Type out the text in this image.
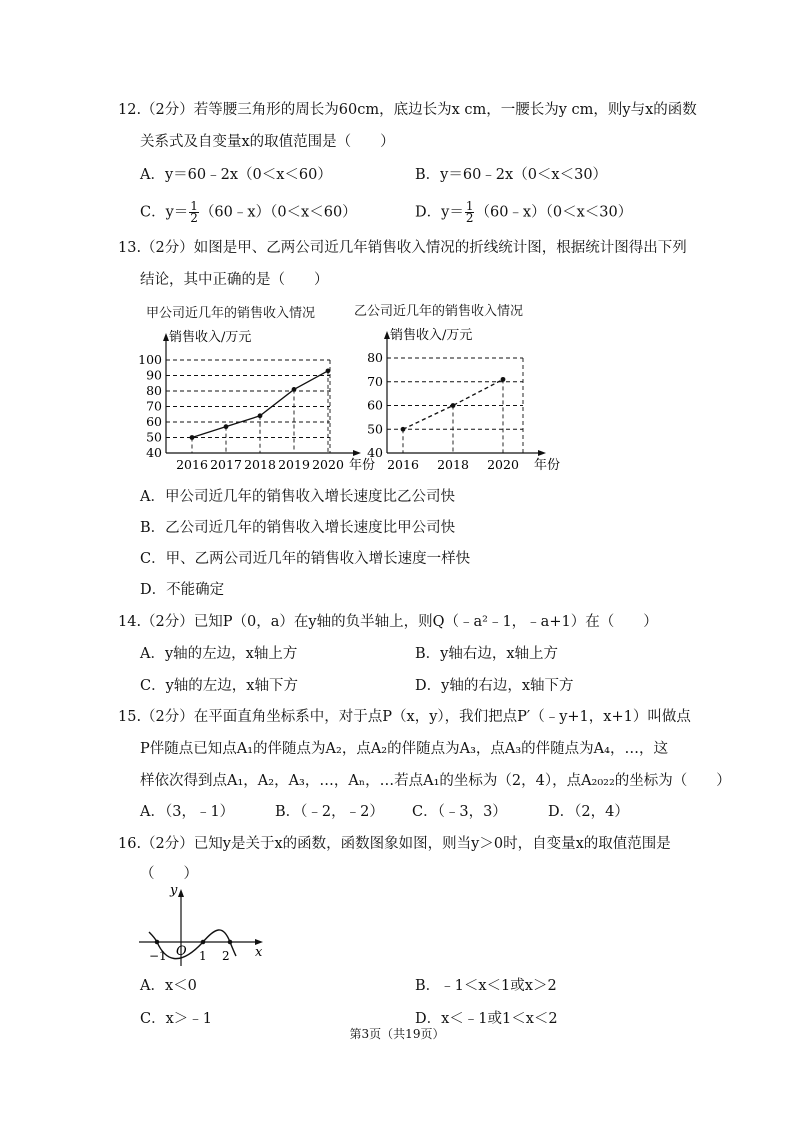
12.（2分）若等腰三角形的周长为60cm，底边长为x cm，一腰长为y cm，则y与x的函数
关系式及自变量x的取值范围是（　　）
A．y＝60﹣2x（0＜x＜60）	B．y＝60﹣2x（0＜x＜30）
C．$y= \frac{1}{2}$ （60﹣x）（0＜x＜60）	D．$y= \frac{1}{2}$ （60﹣x）（0＜x＜30）
13.（2分）如图是甲、乙两公司近几年销售收入情况的折线统计图，根据统计图得出下列
结论，其中正确的是（　　）
甲公司近几年的销售收入情况	乙公司近几年的销售收入情况
销售收入/万元
年份
40
50
60
70
80
90
100
2016 2017 2018 2019 2020
销售收入/万元
年份
40
50
60
70
80
2016 2018 2020
A．甲公司近几年的销售收入增长速度比乙公司快
B．乙公司近几年的销售收入增长速度比甲公司快
C．甲、乙两公司近几年的销售收入增长速度一样快
D．不能确定
14.（2分）已知P（0，a）在y轴的负半轴上，则Q（﹣a²﹣1，﹣a+1）在（　　）
A．y轴的左边，x轴上方	B．y轴右边，x轴上方
C．y轴的左边，x轴下方	D．y轴的右边，x轴下方
15.（2分）在平面直角坐标系中，对于点P（x，y），我们把点P′（﹣y+1，x+1）叫做点
P伴随点已知点A₁的伴随点为A₂，点A₂的伴随点为A₃，点A₃的伴随点为A₄，…，这
样依次得到点A₁，A₂，A₃，…，Aₙ，…若点A₁的坐标为（2，4），点A₂₀₂₂的坐标为（　　）
A．（3，﹣1）	B．（﹣2，﹣2） C．（﹣3，3）	D．（2，4）
16.（2分）已知y是关于x的函数，函数图象如图，则当y＞0时，自变量x的取值范围是
（　　）
y
x
O
−1	1 2
A．x＜0	B．﹣1＜x＜1或x＞2
C．x＞﹣1	D．x＜﹣1或1＜x＜2
第3页（共19页）
